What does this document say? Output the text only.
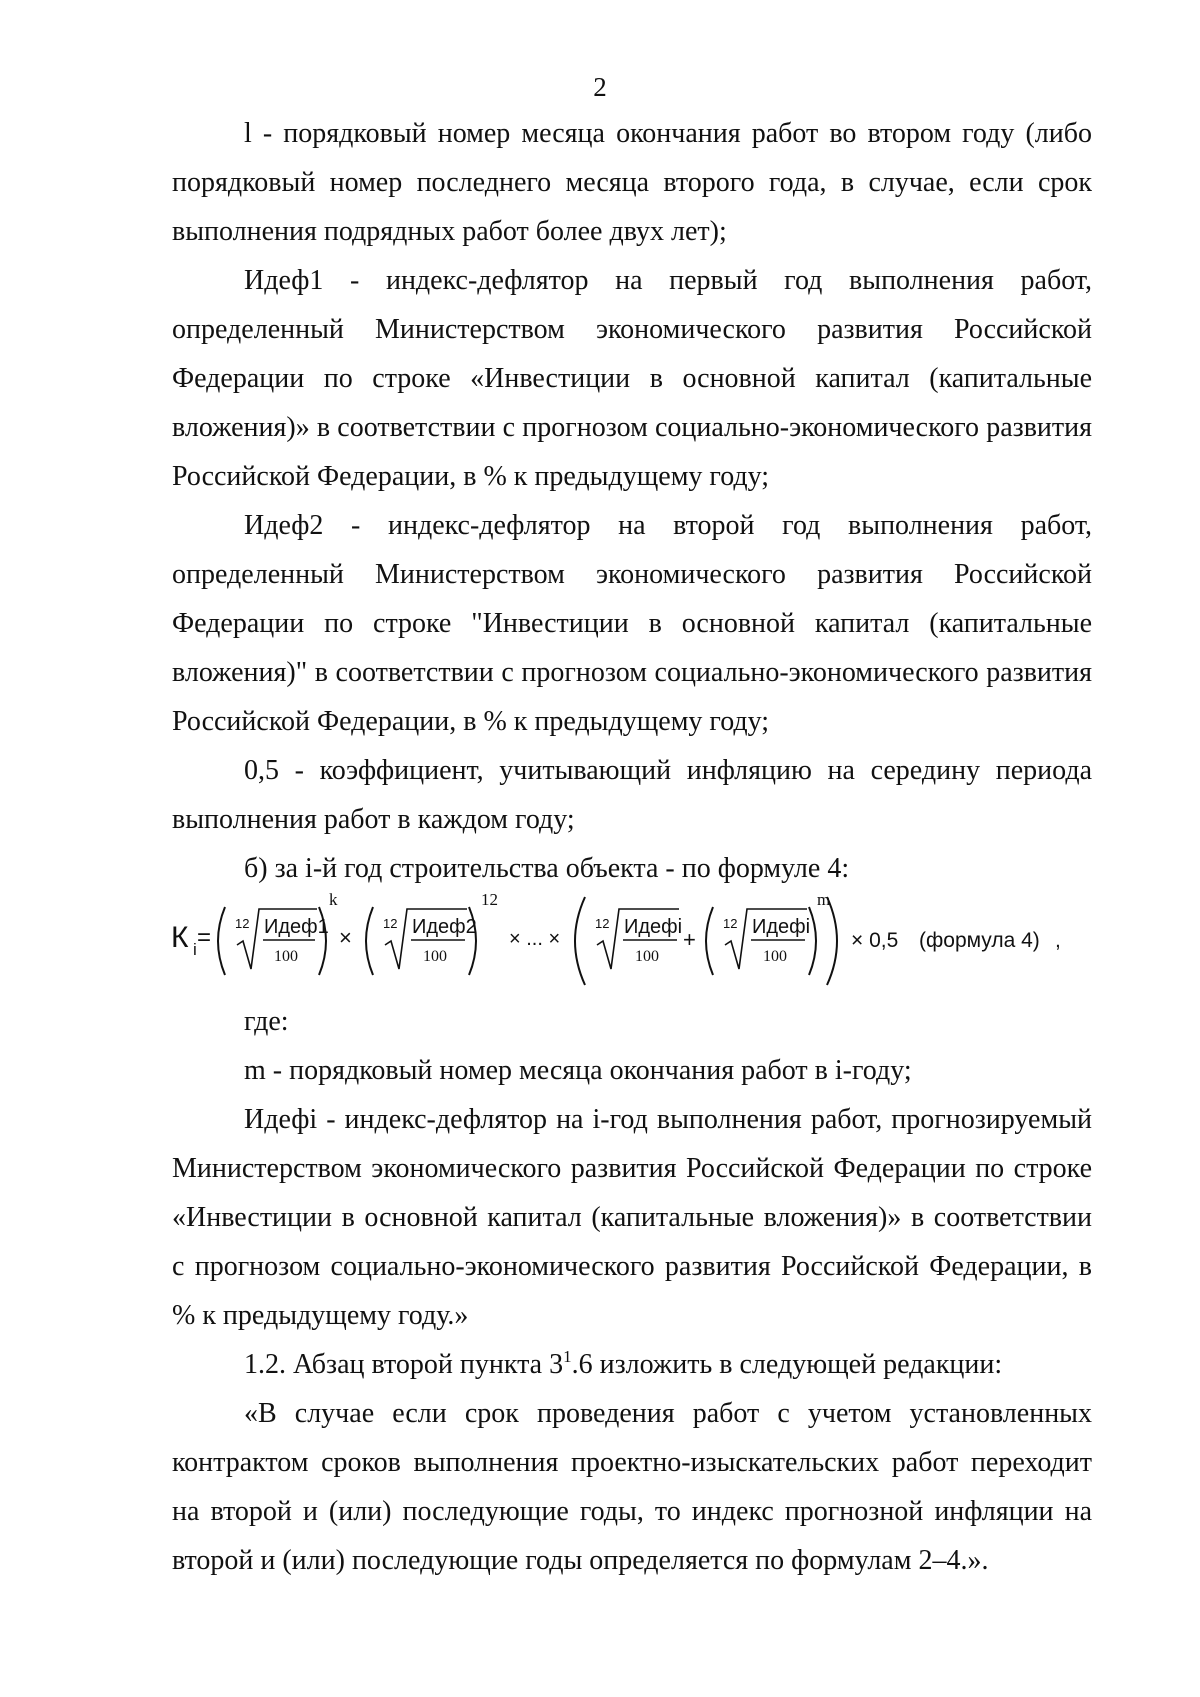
2

l - порядковый номер месяца окончания работ во втором году (либо порядковый номер последнего месяца второго года, в случае, если срок выполнения подрядных работ более двух лет);

Идеф1 - индекс-дефлятор на первый год выполнения работ, определенный Министерством экономического развития Российской Федерации по строке «Инвестиции в основной капитал (капитальные вложения)» в соответствии с прогнозом социально-экономического развития Российской Федерации, в % к предыдущему году;

Идеф2 - индекс-дефлятор на второй год выполнения работ, определенный Министерством экономического развития Российской Федерации по строке "Инвестиции в основной капитал (капитальные вложения)" в соответствии с прогнозом социально-экономического развития Российской Федерации, в % к предыдущему году;

0,5 - коэффициент, учитывающий инфляцию на середину периода выполнения работ в каждом году;

б) за i-й год строительства объекта - по формуле 4:

К i =
12 Идеф1
100
k
×
12 Идеф2
100
12
× ... ×
12 Идефi
100
+
12 Идефi
100
m
× 0,5 (формула 4) ,

где:

m - порядковый номер месяца окончания работ в i-году;

Идефi - индекс-дефлятор на i-год выполнения работ, прогнозируемый Министерством экономического развития Российской Федерации по строке «Инвестиции в основной капитал (капитальные вложения)» в соответствии с прогнозом социально-экономического развития Российской Федерации, в % к предыдущему году.»

1.2. Абзац второй пункта $3^1.6$ изложить в следующей редакции:

«В случае если срок проведения работ с учетом установленных контрактом сроков выполнения проектно-изыскательских работ переходит на второй и (или) последующие годы, то индекс прогнозной инфляции на второй и (или) последующие годы определяется по формулам 2–4.».
